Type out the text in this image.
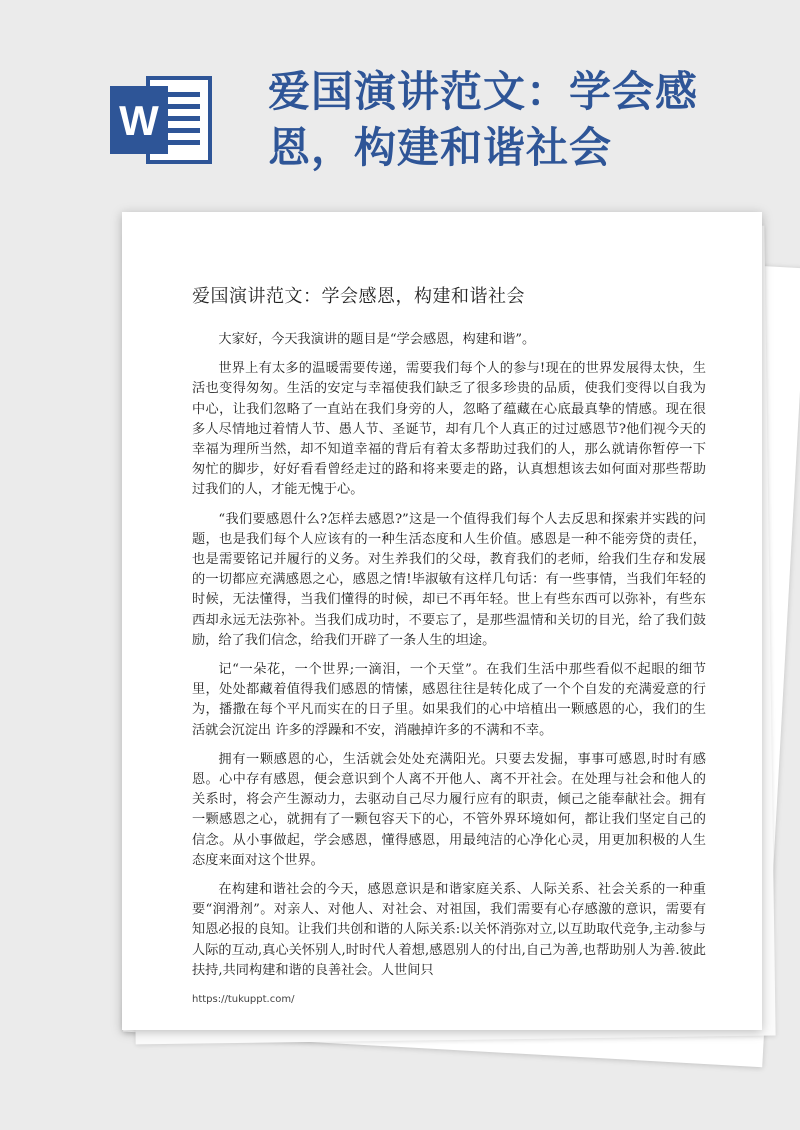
W
爱国演讲范文：学会感恩，构建和谐社会
爱国演讲范文：学会感恩，构建和谐社会

大家好，今天我演讲的题目是“学会感恩，构建和谐”。

世界上有太多的温暖需要传递，需要我们每个人的参与!现在的世界发展得太快，生活也变得匆匆。生活的安定与幸福使我们缺乏了很多珍贵的品质，使我们变得以自我为中心，让我们忽略了一直站在我们身旁的人，忽略了蕴藏在心底最真挚的情感。现在很多人尽情地过着情人节、愚人节、圣诞节，却有几个人真正的过过感恩节?他们视今天的幸福为理所当然，却不知道幸福的背后有着太多帮助过我们的人，那么就请你暂停一下匆忙的脚步，好好看看曾经走过的路和将来要走的路，认真想想该去如何面对那些帮助过我们的人，才能无愧于心。

“我们要感恩什么?怎样去感恩?”这是一个值得我们每个人去反思和探索并实践的问题，也是我们每个人应该有的一种生活态度和人生价值。感恩是一种不能旁贷的责任，也是需要铭记并履行的义务。对生养我们的父母，教育我们的老师，给我们生存和发展的一切都应充满感恩之心，感恩之情!毕淑敏有这样几句话：有一些事情，当我们年轻的时候，无法懂得，当我们懂得的时候，却已不再年轻。世上有些东西可以弥补，有些东西却永远无法弥补。当我们成功时，不要忘了，是那些温情和关切的目光，给了我们鼓励，给了我们信念，给我们开辟了一条人生的坦途。

记“一朵花，一个世界;一滴泪，一个天堂”。在我们生活中那些看似不起眼的细节里，处处都藏着值得我们感恩的情愫，感恩往往是转化成了一个个自发的充满爱意的行为，播撒在每个平凡而实在的日子里。如果我们的心中培植出一颗感恩的心，我们的生活就会沉淀出 许多的浮躁和不安，消融掉许多的不满和不幸。

拥有一颗感恩的心，生活就会处处充满阳光。只要去发掘，事事可感恩,时时有感恩。心中存有感恩，便会意识到个人离不开他人、离不开社会。在处理与社会和他人的关系时，将会产生源动力，去驱动自己尽力履行应有的职责，倾己之能奉献社会。拥有一颗感恩之心，就拥有了一颗包容天下的心，不管外界环境如何，都让我们坚定自己的信念。从小事做起，学会感恩，懂得感恩，用最纯洁的心净化心灵，用更加积极的人生态度来面对这个世界。

在构建和谐社会的今天，感恩意识是和谐家庭关系、人际关系、社会关系的一种重要“润滑剂”。对亲人、对他人、对社会、对祖国，我们需要有心存感激的意识，需要有知恩必报的良知。让我们共创和谐的人际关系:以关怀消弥对立,以互助取代竞争,主动参与人际的互动,真心关怀别人,时时代人着想,感恩别人的付出,自己为善,也帮助别人为善.彼此扶持,共同构建和谐的良善社会。人世间只

https://tukuppt.com/
